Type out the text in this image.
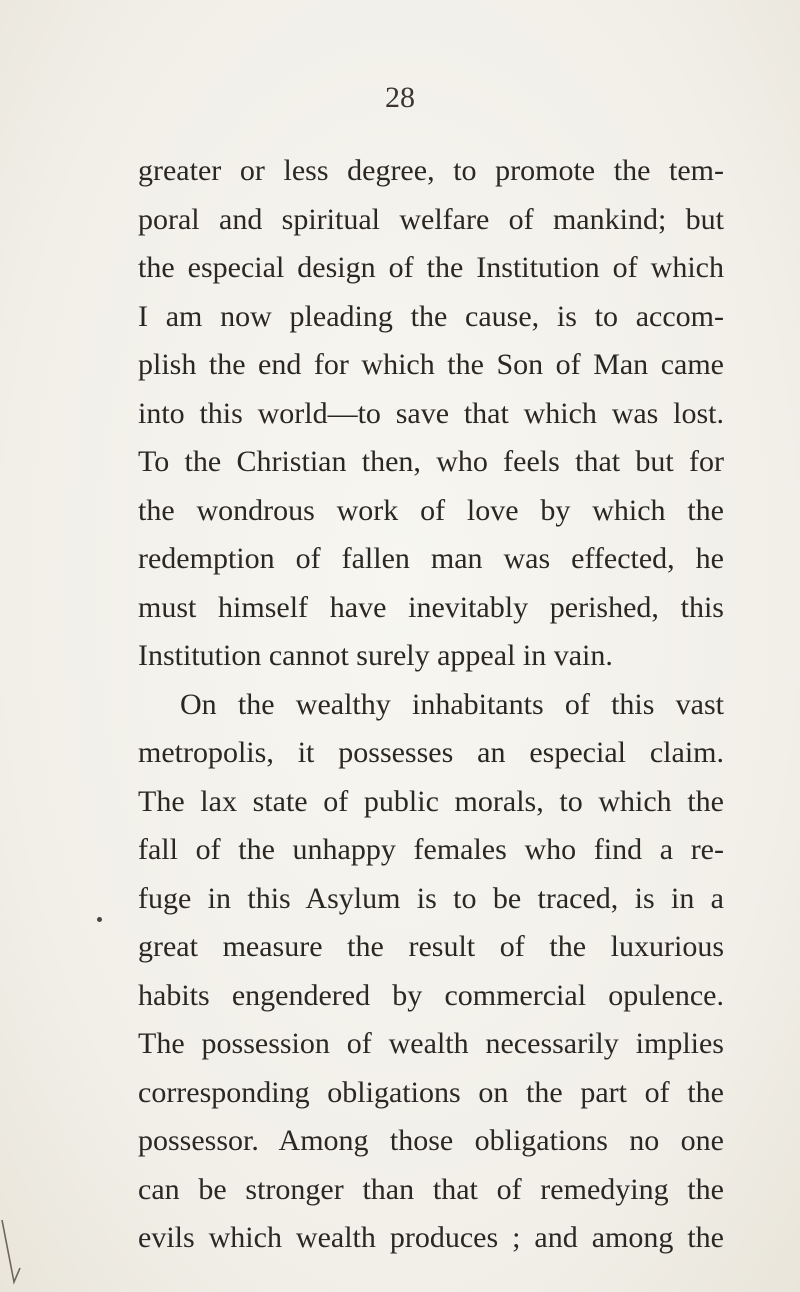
28
greater or less degree, to promote the tem-
poral and spiritual welfare of mankind; but
the especial design of the Institution of which
I am now pleading the cause, is to accom-
plish the end for which the Son of Man came
into this world—to save that which was lost.
To the Christian then, who feels that but for
the wondrous work of love by which the
redemption of fallen man was effected, he
must himself have inevitably perished, this
Institution cannot surely appeal in vain.
On the wealthy inhabitants of this vast
metropolis, it possesses an especial claim.
The lax state of public morals, to which the
fall of the unhappy females who find a re-
fuge in this Asylum is to be traced, is in a
great measure the result of the luxurious
habits engendered by commercial opulence.
The possession of wealth necessarily implies
corresponding obligations on the part of the
possessor. Among those obligations no one
can be stronger than that of remedying the
evils which wealth produces ; and among the
